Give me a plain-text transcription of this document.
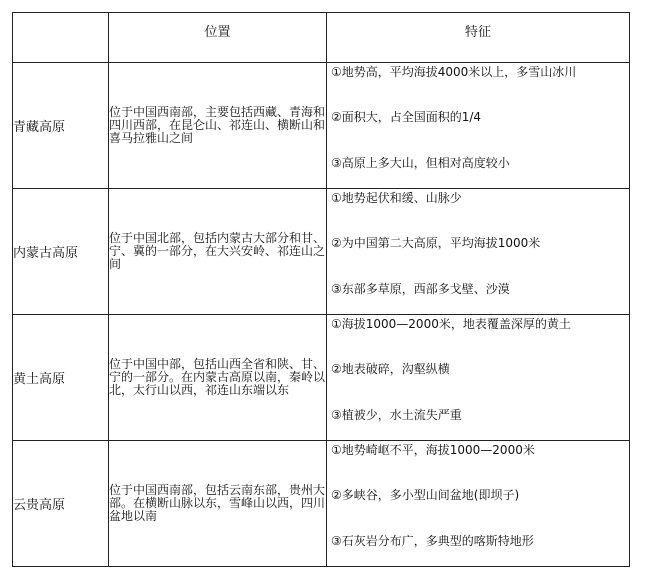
	位置	特征
青藏高原	位于中国西南部，主要包括西藏、青海和四川西部，在昆仑山、祁连山、横断山和喜马拉雅山之间	①地势高，平均海拔4000米以上，多雪山冰川
②面积大，占全国面积的1/4
③高原上多大山，但相对高度较小

内蒙古高原	位于中国北部，包括内蒙古大部分和甘、宁、冀的一部分，在大兴安岭、祁连山之间	①地势起伏和缓、山脉少
②为中国第二大高原，平均海拔1000米
③东部多草原，西部多戈壁、沙漠

黄土高原	位于中国中部，包括山西全省和陕、甘、宁的一部分。在内蒙古高原以南，秦岭以北，太行山以西，祁连山东端以东	①海拔1000—2000米，地表覆盖深厚的黄土
②地表破碎，沟壑纵横
③植被少，水土流失严重

云贵高原	位于中国西南部，包括云南东部，贵州大部。在横断山脉以东，雪峰山以西，四川盆地以南	①地势崎岖不平，海拔1000—2000米
②多峡谷，多小型山间盆地(即坝子)
③石灰岩分布广，多典型的喀斯特地形
